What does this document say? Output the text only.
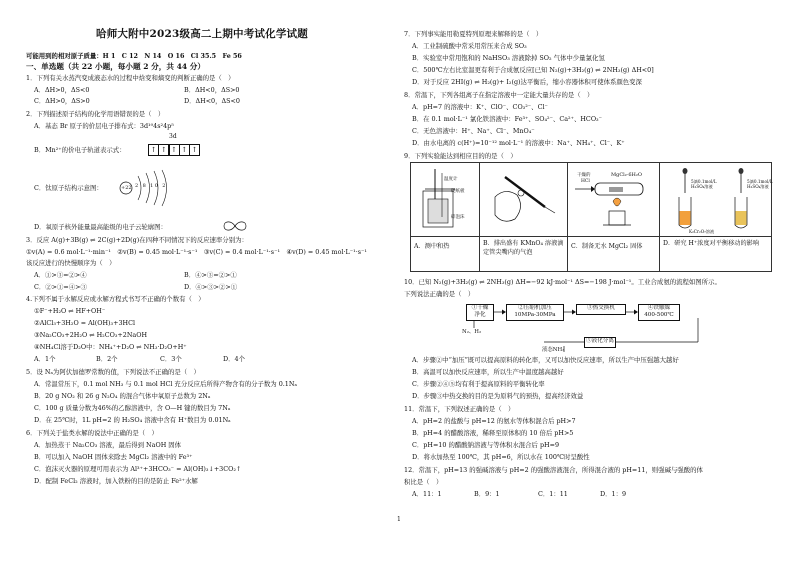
哈师大附中2023级高二上期中考试化学试题
可能用到的相对原子质量：H 1　C 12　N 14　O 16　Cl 35.5　Fe 56
一、单选题（共 22 小题，每小题 2 分，共 44 分）
1．下列有关水蒸汽变成液态水的过程中焓变和熵变的判断正确的是（　）
A．ΔH>0，ΔS<0	B．ΔH<0，ΔS>0
C．ΔH>0，ΔS>0	D．ΔH<0，ΔS<0
2．下列描述原子结构的化学用语错误的是（　）
A．基态 Br 原子的价层电子排布式：3d¹⁰4s²4p⁵
3d
B．Mn²⁺的价电子轨道表示式：	↑ ↑ ↑ ↑ ↑
C．钛原子结构示意图：	+22 2 8 10 2
D．氧原子核外能量最高能级的电子云轮廓图：
3．反应 A(g)+3B(g) ⇌ 2C(g)+2D(g)在四种不同情况下的反应速率分别为：
①v(A) = 0.6 mol·L⁻¹·min⁻¹　②v(B) = 0.45 mol·L⁻¹·s⁻¹　③v(C) = 0.4 mol·L⁻¹·s⁻¹　④v(D) = 0.45 mol·L⁻¹·s⁻¹
该反应进行的快慢顺序为（　）
A．①>③=②>④	B．④>③=②>①
C．②>①=④>③	D．④>③>②>①
4.下列不属于水解反应或水解方程式书写不正确的个数有（　）
①F⁻+H₂O ⇌ HF+OH⁻
②AlCl₃+3H₂O = Al(OH)₃+3HCl
③Na₂CO₃+2H₂O ⇌ H₂CO₃+2NaOH
④NH₄Cl溶于D₂O中：NH₄⁺+D₂O ⇌ NH₃·D₂O+H⁺
A．1个	B．2个	C．3个	D．4个
5．设 Nₐ为阿伏加德罗常数的值，下列说法不正确的是（　）
A．常温常压下，0.1 mol NH₃ 与 0.1 mol HCl 充分反应后所得产物含有的分子数为 0.1Nₐ
B．20 g NO₂ 和 26 g N₂O₄ 的混合气体中氧原子总数为 2Nₐ
C．100 g 质量分数为46%的乙醇溶液中，含 O—H 键的数目为 7Nₐ
D．在 25℃时，1L pH=2 的 H₂SO₄ 溶液中含有 H⁺数目为 0.01Nₐ
6．下列关于盐类水解的说法中正确的是（　）
A．加热蒸干 Na₂CO₃ 溶液，最后得到 NaOH 固体
B．可以加入 NaOH 固体来除去 MgCl₂ 溶液中的 Fe³⁺
C．泡沫灭火器的原理可用表示为 Al³⁺+3HCO₃⁻ = Al(OH)₃↓+3CO₂↑
D．配制 FeCl₂ 溶液时，加入铁粉的目的是防止 Fe²⁺水解
7．下列事实能用勒夏特列原理来解释的是（　）
A．工业制硫酸中常采用常压来合成 SO₃
B．实验室中常用饱和的 NaHSO₃ 溶液除掉 SO₂ 气体中少量氯化氢
C．500℃左右比室温更有利于合成氨反应[已知 N₂(g)+3H₂(g) ⇌ 2NH₃(g) ΔH<0]
D．对于反应 2HI(g) ⇌ H₂(g)+ I₂(g)达平衡后，缩小容器体积可使体系颜色变深
8．常温下，下列各组离子在指定溶液中一定能大量共存的是（　）
A．pH=7 的溶液中：K⁺、ClO⁻、CO₃²⁻、Cl⁻
B．在 0.1 mol·L⁻¹ 氯化铁溶液中：Fe³⁺、SO₄²⁻、Ca²⁺、HCO₃⁻
C．无色溶液中：H⁺、Na⁺、Cl⁻、MnO₄⁻
D．由水电离的 c(H⁺)=10⁻¹² mol·L⁻¹ 的溶液中：Na⁺、NH₄⁺、Cl⁻、K⁺
9．下列实验能达到相应目的的是（　）
温度计
硬纸板
碎泡沫
干燥的
HCl
MgCl₂·6H₂O
5滴0.1mol/L
H₂SO₄溶液
5滴0.1mol/L
H₂SO₄溶液
K₂Cr₂O₇溶液
A．测中和热	B．排出盛有 KMnO₄ 溶液滴定管尖嘴内的气泡
C．制备无水 MgCl₂ 固体	D．研究 H⁺浓度对平衡移动的影响
10．已知 N₂(g)+3H₂(g) ⇌ 2NH₃(g) ΔH=−92 kJ·mol⁻¹ ΔS=−198 J·mol⁻¹。工业合成氨的流程如图所示。
下列说法正确的是（　）
①干燥
净化
②压缩机加压
10MPa-30MPa
③热交换机	④铁触媒
400-500℃
N₂、H₂
⑤液化分离
液态NH₃
A．步骤②中“加压”既可以提高原料的转化率，又可以加快反应速率，所以生产中压强越大越好
B．高温可以加快反应速率，所以生产中温度越高越好
C．步骤②④⑤均有利于提高原料的平衡转化率
D．步骤③中热交换的目的是为原料气的预热，提高经济效益
11．常温下，下列叙述正确的是（　）
A．pH=2 的盐酸与 pH=12 的氨水等体积混合后 pH>7
B．pH=4 的醋酸溶液，稀释至原体积的 10 倍后 pH>5
C．pH=10 的醋酸钠溶液与等体积水混合后 pH=9
D．将水加热至 100℃，其 pH=6，所以水在 100℃时呈酸性
12．常温下，pH=13 的强碱溶液与 pH=2 的强酸溶液混合，所得混合液的 pH=11，则强碱与强酸的体
积比是（　）
A．11：1	B．9：1	C．1：11	D．1：9
1
